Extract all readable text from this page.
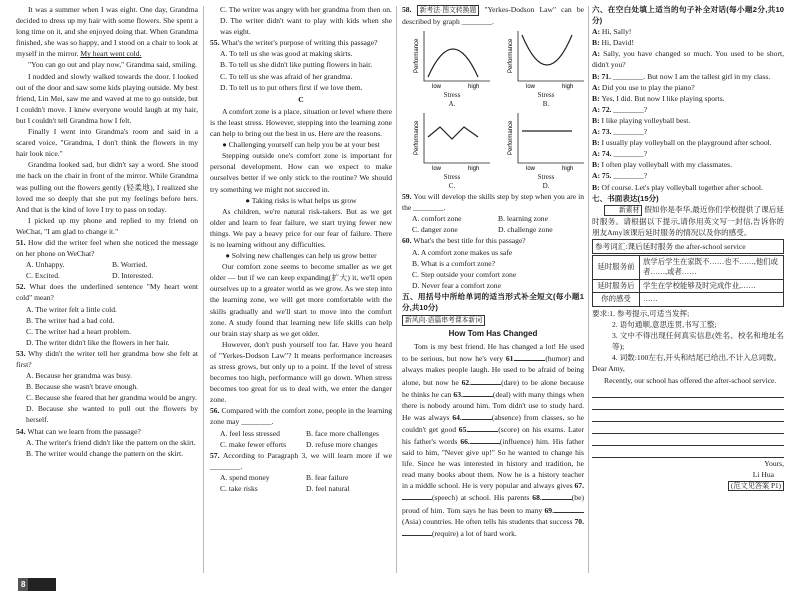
It was a summer when I was eight. One day, Grandma decided to dress up my hair with some flowers. She spent a long time on it, and she enjoyed doing that. When Grandma finished, she was so happy, and I stood on a chair to look at myself in the mirror. My heart went cold.

"You can go out and play now," Grandma said, smiling.

I nodded and slowly walked towards the door. I looked out of the door and saw some kids playing outside. My best friend, Lin Mei, saw me and waved at me to go outside, but I couldn't move. I knew everyone would laugh at my hair, but I couldn't tell Grandma how I felt.

Finally I went into Grandma's room and said in a scared voice, "Grandma, I don't think the flowers in my hair look nice."

Grandma looked sad, but didn't say a word. She stood me back on the chair in front of the mirror. While Grandma was pulling out the flowers gently (轻柔地), I realized she loved me so deeply that she put my feelings before hers. And that is the kind of love I try to pass on today.

I picked up my phone and replied to my friend on WeChat, "I am glad to change it."

51. How did the writer feel when she noticed the message on her phone on WeChat?

A. Unhappy.	B. Worried.
C. Excited.	D. Interested.

52. What does the underlined sentence "My heart went cold" mean?

A. The writer felt a little cold.

B. The writer had a bad cold.

C. The writer had a heart problem.

D. The writer didn't like the flowers in her hair.

53. Why didn't the writer tell her grandma how she felt at first?

A. Because her grandma was busy.

B. Because she wasn't brave enough.

C. Because she feared that her grandma would be angry.

D. Because she wanted to pull out the flowers by herself.

54. What can we learn from the passage?

A. The writer's friend didn't like the pattern on the skirt.

B. The writer would change the pattern on the skirt.

C. The writer was angry with her grandma from then on.

D. The writer didn't want to play with kids when she was eight.

55. What's the writer's purpose of writing this passage?

A. To tell us she was good at making skirts.

B. To tell us she didn't like putting flowers in hair.

C. To tell us she was afraid of her grandma.

D. To tell us to put others first if we love them.

C

A comfort zone is a place, situation or level where there is the least stress. However, stepping into the learning zone can help to bring out the best in us. Here are the reasons.

● Challenging yourself can help you be at your best

Stepping outside one's comfort zone is important for personal development. How can we expect to make ourselves better if we only stick to the routine? We should try something we might not succeed in.

● Taking risks is what helps us grow

As children, we're natural risk-takers. But as we get older and learn to fear failure, we start trying fewer new things. We pay a heavy price for our fear of failure. There is no learning without any difficulties.

● Solving new challenges can help us grow better

Our comfort zone seems to become smaller as we get older — but if we can keep expanding(扩大) it, we'll open ourselves up to a greater world as we grow. As we step into the learning zone, we will get more comfortable with the skills gradually and we'll start to move into the comfort zone. A study found that learning new life skills can help our brain stay sharp as we get older.

However, don't push yourself too far. Have you heard of "Yerkes-Dodson Law"? It means performance increases as stress grows, but only up to a point. If the level of stress becomes too high, performance will go down. When stress becomes too great for us to deal with, we enter the danger zone.

56. Compared with the comfort zone, people in the learning zone may ________.

A. feel less stressed	B. face more challenges
C. make fewer efforts	D. refuse more changes

57. According to Paragraph 3, we will learn more if we ________.

A. spend money	B. fear failure
C. take risks	D. feel natural

58. 新考法·图文转换题 "Yerkes-Dodson Law" can be described by graph ________.

Performance
low	high
Stress
A.
Performance
low	high
Stress
B.
Performance
low	high
Stress
C.
Performance
low	high
Stress
D.

59. You will develop the skills step by step when you are in the ________.

A. comfort zone	B. learning zone
C. danger zone	D. challenge zone

60. What's the best title for this passage?

A. A comfort zone makes us safe

B. What is a comfort zone?

C. Step outside your comfort zone

D. Never fear a comfort zone

五、用括号中所给单词的适当形式补全短文(每小题1分,共10分)

新风向·语篇串考课本新词

How Tom Has Changed

Tom is my best friend. He has changed a lot! He used to be serious, but now he's very 61.	(humor) and always makes people laugh. He used to be afraid of being alone, but now he 62.	(dare) to be alone because he thinks he can 63.	(deal) with many things when there is nobody around him. Tom didn't use to study hard. He was always 64.	(absence) from classes, so he couldn't get good 65.	(score) on his exams. Later his father's words 66.	(influence) him. His father said to him, "Never give up!" So he wanted to change his life. Since he was interested in history and tradition, he read many books about them. Now he is a history teacher in a middle school. He is very popular and always gives 67.(speech) at school. His parents 68.	(be) proud of him. Tom says he has been to many 69.(Asia) countries. He often tells his students that success 70.(require) a lot of hard work.

六、在空白处填上适当的句子补全对话(每小题2分,共10分)

A: Hi, Sally!

B: Hi, David!

A: Sally, you have changed so much. You used to be short, didn't you?

B: 71. ________. But now I am the tallest girl in my class.

A: Did you use to play the piano?

B: Yes, I did. But now I like playing sports.

A: 72. ________?

B: I like playing volleyball best.

A: 73. ________?

B: I usually play volleyball on the playground after school.

A: 74. ________?

B: I often play volleyball with my classmates.

A: 75. ________?

B: Of course. Let's play volleyball together after school.

七、书面表达(15分)

新素材 假如你是李华,最近你们学校提供了课后延时服务。请根据以下提示,请你用英文写一封信,告诉你的朋友Amy该课后延时服务的情况以及你的感受。

参考词汇:课后延时服务 the after-school service
延时服务前	放学后学生在家既不……也不……,他们或者……,或者……
延时服务后	学生在学校能够及时完成作业,……
你的感受	……

要求:1. 参考提示,可适当发挥;

2. 语句通顺,意思连贯,书写工整;

3. 文中不得出现任何真实信息(姓名、校名和地址名等);

4. 词数:100左右,开头和结尾已给出,不计入总词数。

Dear Amy,

Recently, our school has offered the after-school service.

Yours,

Li Hua

(范文见答案 P1)

8一遍过
